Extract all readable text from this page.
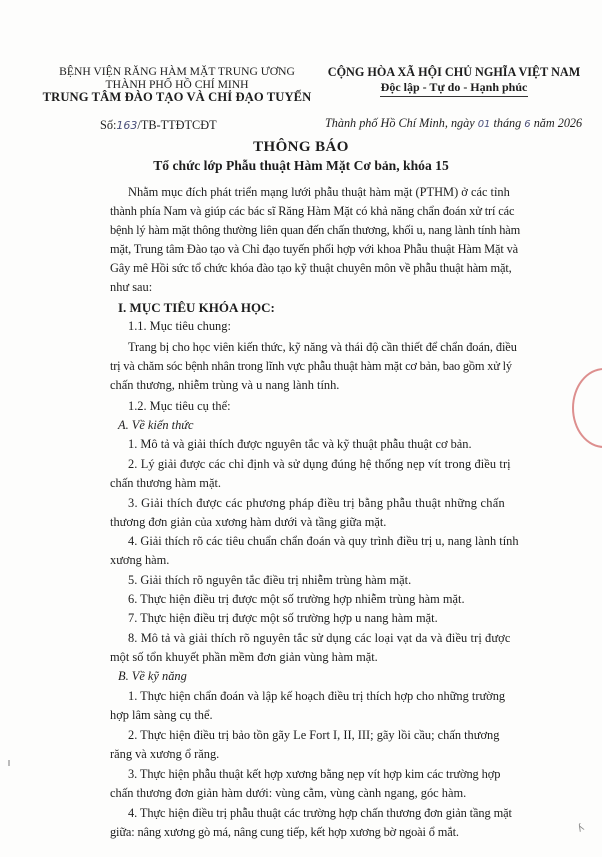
BỆNH VIỆN RĂNG HÀM MẶT TRUNG ƯƠNG
THÀNH PHỐ HỒ CHÍ MINH
TRUNG TÂM ĐÀO TẠO VÀ CHỈ ĐẠO TUYẾN
CỘNG HÒA XÃ HỘI CHỦ NGHĨA VIỆT NAM
Độc lập - Tự do - Hạnh phúc
Số:163/TB-TTĐTCĐT	Thành phố Hồ Chí Minh, ngày 01 tháng 6 năm 2026
THÔNG BÁO
Tổ chức lớp Phẫu thuật Hàm Mặt Cơ bản, khóa 15
Nhằm mục đích phát triển mạng lưới phẫu thuật hàm mặt (PTHM) ở các tỉnh
thành phía Nam và giúp các bác sĩ Răng Hàm Mặt có khả năng chẩn đoán xử trí các
bệnh lý hàm mặt thông thường liên quan đến chấn thương, khối u, nang lành tính hàm
mặt, Trung tâm Đào tạo và Chỉ đạo tuyến phối hợp với khoa Phẫu thuật Hàm Mặt và
Gây mê Hồi sức tổ chức khóa đào tạo kỹ thuật chuyên môn về phẫu thuật hàm mặt,
như sau:
I. MỤC TIÊU KHÓA HỌC:
1.1. Mục tiêu chung:
Trang bị cho học viên kiến thức, kỹ năng và thái độ cần thiết để chẩn đoán, điều
trị và chăm sóc bệnh nhân trong lĩnh vực phẫu thuật hàm mặt cơ bản, bao gồm xử lý
chấn thương, nhiễm trùng và u nang lành tính.
1.2. Mục tiêu cụ thể:
A. Về kiến thức
1. Mô tả và giải thích được nguyên tắc và kỹ thuật phẫu thuật cơ bản.
2. Lý giải được các chỉ định và sử dụng đúng hệ thống nẹp vít trong điều trị
chấn thương hàm mặt.
3. Giải thích được các phương pháp điều trị bằng phẫu thuật những chấn
thương đơn giản của xương hàm dưới và tầng giữa mặt.
4. Giải thích rõ các tiêu chuẩn chẩn đoán và quy trình điều trị u, nang lành tính
xương hàm.
5. Giải thích rõ nguyên tắc điều trị nhiễm trùng hàm mặt.
6. Thực hiện điều trị được một số trường hợp nhiễm trùng hàm mặt.
7. Thực hiện điều trị được một số trường hợp u nang hàm mặt.
8. Mô tả và giải thích rõ nguyên tắc sử dụng các loại vạt da và điều trị được
một số tổn khuyết phần mềm đơn giản vùng hàm mặt.
B. Về kỹ năng
1. Thực hiện chẩn đoán và lập kế hoạch điều trị thích hợp cho những trường
hợp lâm sàng cụ thể.
2. Thực hiện điều trị bảo tồn gãy Le Fort I, II, III; gãy lồi cầu; chấn thương
răng và xương ổ răng.
3. Thực hiện phẫu thuật kết hợp xương bằng nẹp vít hợp kim các trường hợp
chấn thương đơn giản hàm dưới: vùng cằm, vùng cành ngang, góc hàm.
4. Thực hiện điều trị phẫu thuật các trường hợp chấn thương đơn giản tầng mặt
giữa: nâng xương gò má, nâng cung tiếp, kết hợp xương bờ ngoài ổ mắt.	ʎ
